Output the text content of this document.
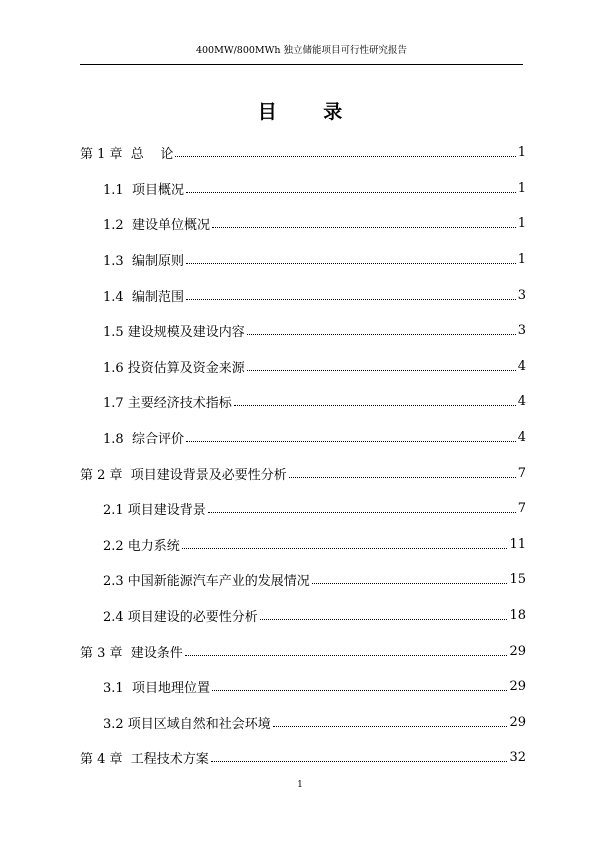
400MW/800MWh 独立储能项目可行性研究报告
目 录
第 1 章  总    论	1
1.1  项目概况	1
1.2  建设单位概况	1
1.3  编制原则	1
1.4  编制范围	3
1.5 建设规模及建设内容	3
1.6 投资估算及资金来源	4
1.7 主要经济技术指标	4
1.8  综合评价	4
第 2 章  项目建设背景及必要性分析	7
2.1 项目建设背景	7
2.2 电力系统	11
2.3 中国新能源汽车产业的发展情况	15
2.4 项目建设的必要性分析	18
第 3 章  建设条件	29
3.1  项目地理位置	29
3.2 项目区域自然和社会环境	29
第 4 章  工程技术方案	32
1
